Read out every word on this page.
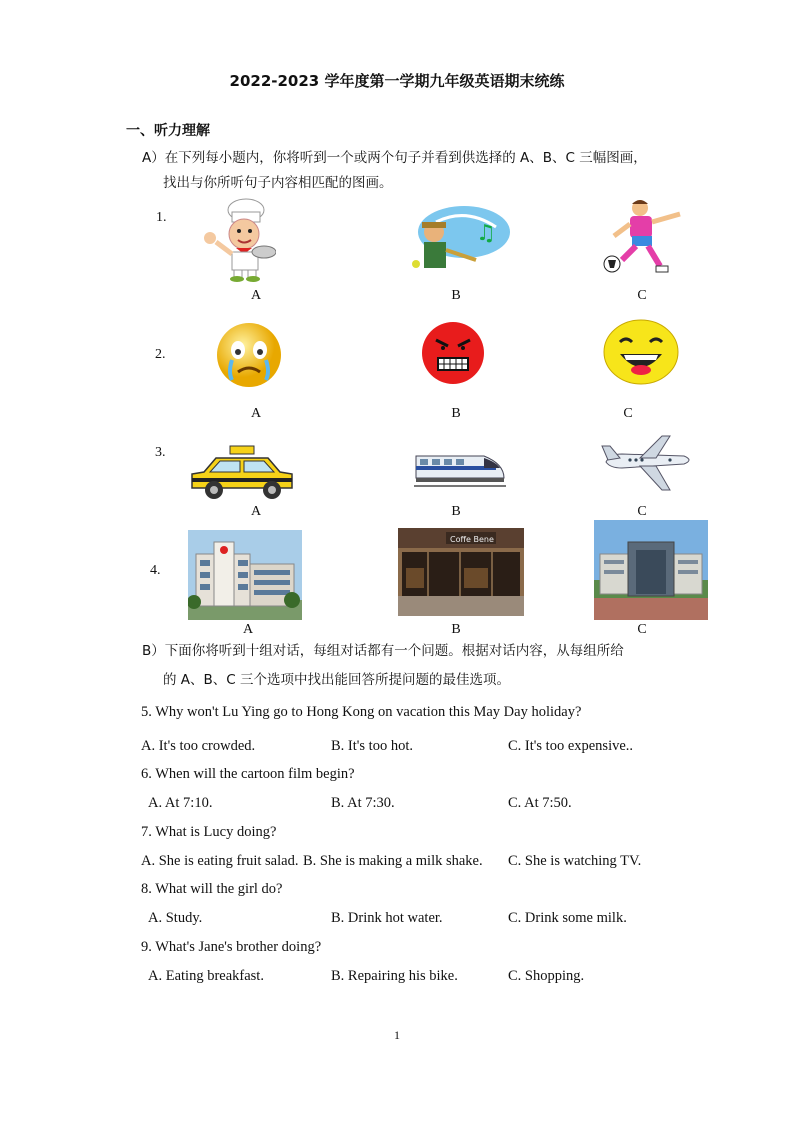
2022-2023 学年度第一学期九年级英语期末统练
一、听力理解
A）在下列每小题内，你将听到一个或两个句子并看到供选择的 A、B、C 三幅图画，
找出与你所听句子内容相匹配的图画。
1.
♫
A	B	C
2.
A	B	C
3.
A	B	C
4.
Coffe Bene
A	B	C
B）下面你将听到十组对话，每组对话都有一个问题。根据对话内容，从每组所给
的 A、B、C 三个选项中找出能回答所提问题的最佳选项。
5. Why won't Lu Ying go to Hong Kong on vacation this May Day holiday?
A. It's too crowded.	B. It's too hot.	C. It's too expensive..
6. When will the cartoon film begin?
A. At 7:10.	B. At 7:30.	C. At 7:50.
7. What is Lucy doing?
A. She is eating fruit salad. B. She is making a milk shake. C. She is watching TV.
8. What will the girl do?
A. Study.	B. Drink hot water.	C. Drink some milk.
9. What's Jane's brother doing?
A. Eating breakfast.	B. Repairing his bike.	C. Shopping.
1
